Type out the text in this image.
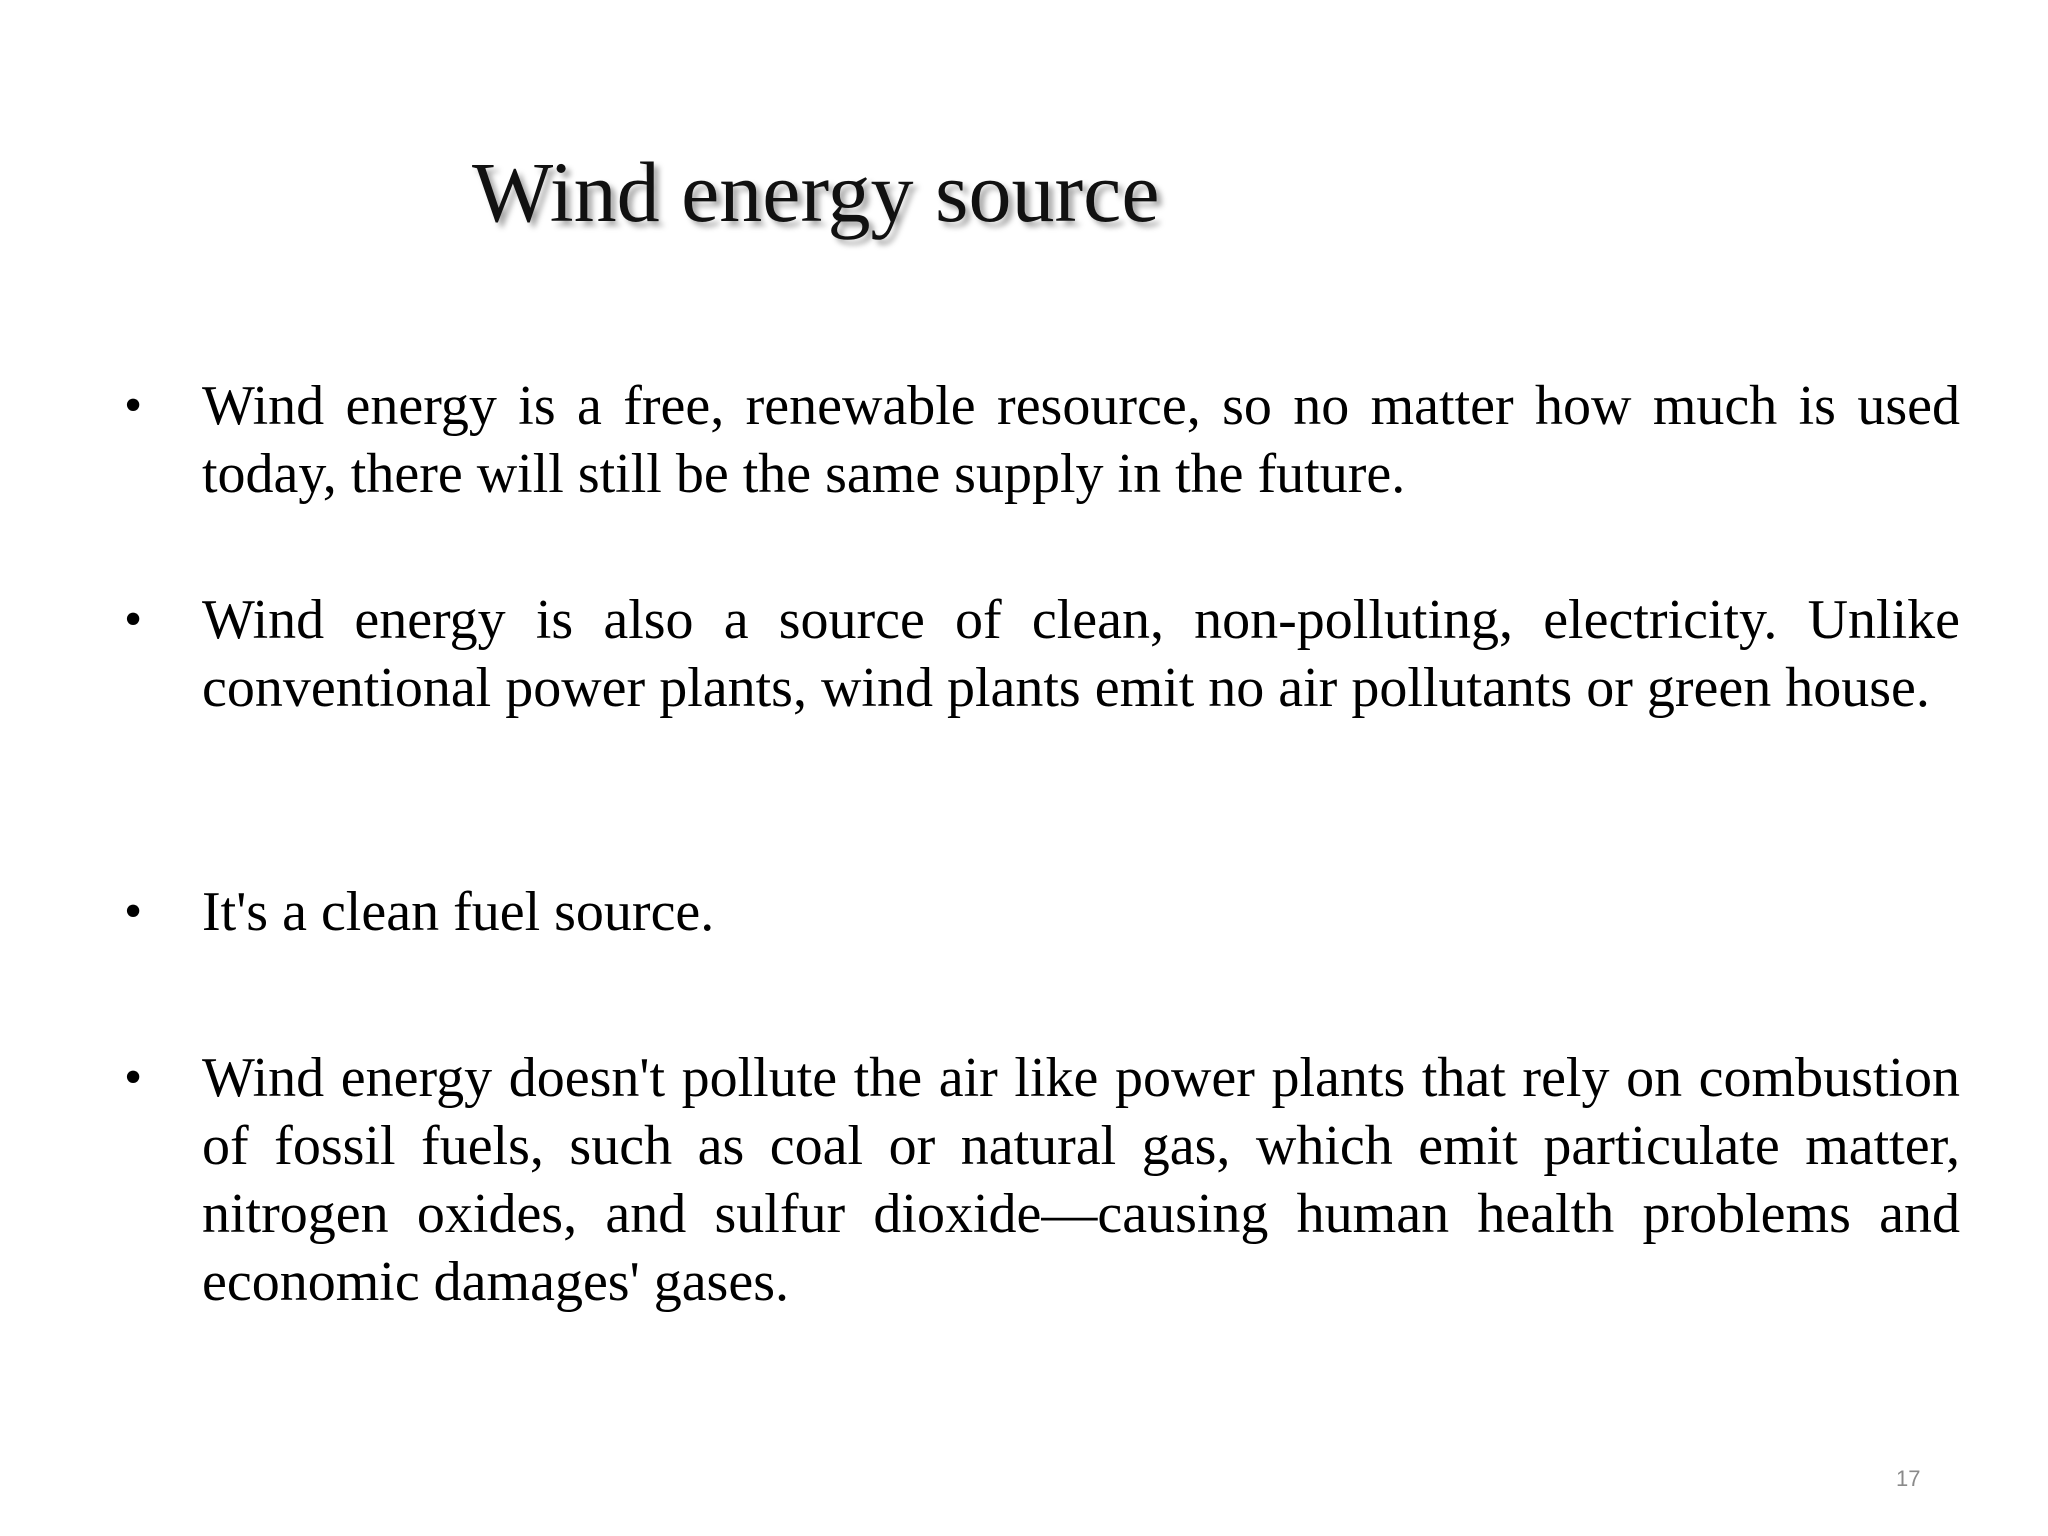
Wind energy source
• Wind energy is a free, renewable resource, so no matter how much is used today, there will still be the same supply in the future.
• Wind energy is also a source of clean, non-polluting, electricity. Unlike conventional power plants, wind plants emit no air pollutants or green house.
• It's a clean fuel source.
• Wind energy doesn't pollute the air like power plants that rely on combustion of fossil fuels, such as coal or natural gas, which emit particulate matter, nitrogen oxides, and sulfur dioxide—causing human health problems and economic damages' gases.
17
